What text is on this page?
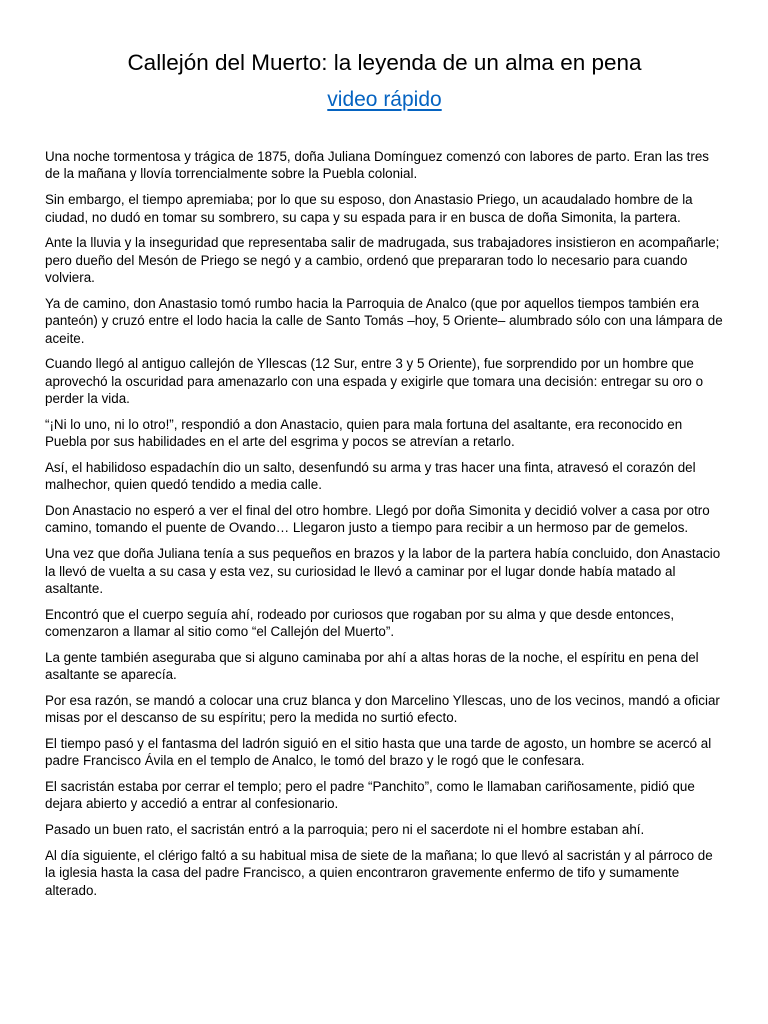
Callejón del Muerto: la leyenda de un alma en pena
video rápido

Una noche tormentosa y trágica de 1875, doña Juliana Domínguez comenzó con labores de parto. Eran las tres de la mañana y llovía torrencialmente sobre la Puebla colonial.

Sin embargo, el tiempo apremiaba; por lo que su esposo, don Anastasio Priego, un acaudalado hombre de la ciudad, no dudó en tomar su sombrero, su capa y su espada para ir en busca de doña Simonita, la partera.

Ante la lluvia y la inseguridad que representaba salir de madrugada, sus trabajadores insistieron en acompañarle; pero dueño del Mesón de Priego se negó y a cambio, ordenó que prepararan todo lo necesario para cuando volviera.

Ya de camino, don Anastasio tomó rumbo hacia la Parroquia de Analco (que por aquellos tiempos también era panteón) y cruzó entre el lodo hacia la calle de Santo Tomás –hoy, 5 Oriente– alumbrado sólo con una lámpara de aceite.

Cuando llegó al antiguo callejón de Yllescas (12 Sur, entre 3 y 5 Oriente), fue sorprendido por un hombre que aprovechó la oscuridad para amenazarlo con una espada y exigirle que tomara una decisión: entregar su oro o perder la vida.

“¡Ni lo uno, ni lo otro!”, respondió a don Anastacio, quien para mala fortuna del asaltante, era reconocido en Puebla por sus habilidades en el arte del esgrima y pocos se atrevían a retarlo.

Así, el habilidoso espadachín dio un salto, desenfundó su arma y tras hacer una finta, atravesó el corazón del malhechor, quien quedó tendido a media calle.

Don Anastacio no esperó a ver el final del otro hombre. Llegó por doña Simonita y decidió volver a casa por otro camino, tomando el puente de Ovando… Llegaron justo a tiempo para recibir a un hermoso par de gemelos.

Una vez que doña Juliana tenía a sus pequeños en brazos y la labor de la partera había concluido, don Anastacio la llevó de vuelta a su casa y esta vez, su curiosidad le llevó a caminar por el lugar donde había matado al asaltante.

Encontró que el cuerpo seguía ahí, rodeado por curiosos que rogaban por su alma y que desde entonces, comenzaron a llamar al sitio como “el Callejón del Muerto”.

La gente también aseguraba que si alguno caminaba por ahí a altas horas de la noche, el espíritu en pena del asaltante se aparecía.

Por esa razón, se mandó a colocar una cruz blanca y don Marcelino Yllescas, uno de los vecinos, mandó a oficiar misas por el descanso de su espíritu; pero la medida no surtió efecto.

El tiempo pasó y el fantasma del ladrón siguió en el sitio hasta que una tarde de agosto, un hombre se acercó al padre Francisco Ávila en el templo de Analco, le tomó del brazo y le rogó que le confesara.

El sacristán estaba por cerrar el templo; pero el padre “Panchito”, como le llamaban cariñosamente, pidió que dejara abierto y accedió a entrar al confesionario.

Pasado un buen rato, el sacristán entró a la parroquia; pero ni el sacerdote ni el hombre estaban ahí.

Al día siguiente, el clérigo faltó a su habitual misa de siete de la mañana; lo que llevó al sacristán y al párroco de la iglesia hasta la casa del padre Francisco, a quien encontraron gravemente enfermo de tifo y sumamente alterado.
